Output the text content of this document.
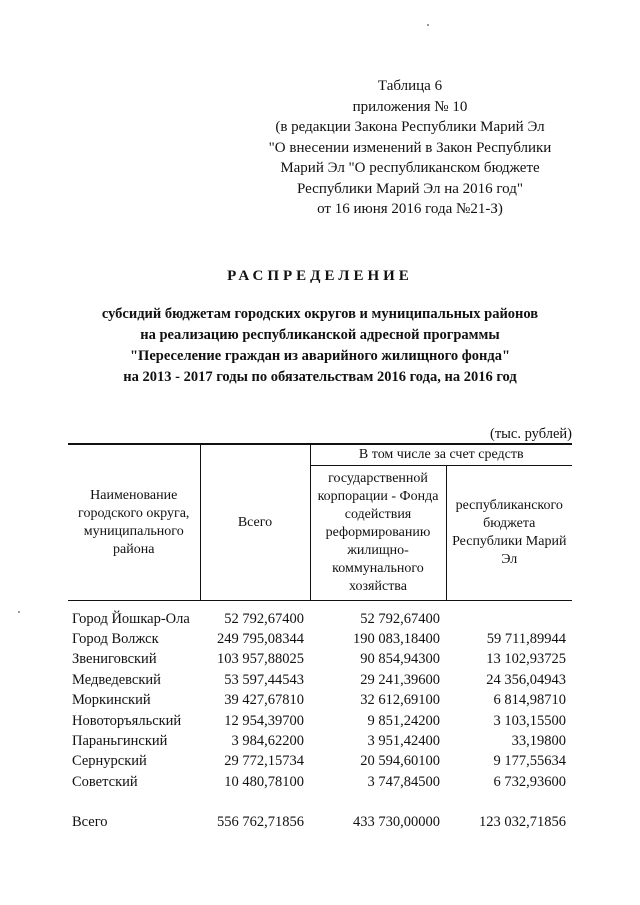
Таблица 6
приложения № 10
(в редакции Закона Республики Марий Эл
"О внесении изменений в Закон Республики
Марий Эл "О республиканском бюджете
Республики Марий Эл на 2016 год"
от 16 июня 2016 года №21-З)
РАСПРЕДЕЛЕНИЕ
субсидий бюджетам городских округов и муниципальных районов
на реализацию республиканской адресной программы
"Переселение граждан из аварийного жилищного фонда"
на 2013 - 2017 годы по обязательствам 2016 года, на 2016 год
(тыс. рублей)
Наименование городского округа, муниципального района	Всего	В том числе за счет средств	
		государственной корпорации - Фонда содействия реформированию жилищно-коммунального хозяйства	республиканского бюджета Республики Марий Эл
Город Йошкар-Ола	52 792,67400	52 792,67400	
Город Волжск	249 795,08344	190 083,18400	59 711,89944
Звениговский	103 957,88025	90 854,94300	13 102,93725
Медведевский	53 597,44543	29 241,39600	24 356,04943
Моркинский	39 427,67810	32 612,69100	6 814,98710
Новоторъяльский	12 954,39700	9 851,24200	3 103,15500
Параньгинский	3 984,62200	3 951,42400	33,19800
Сернурский	29 772,15734	20 594,60100	9 177,55634
Советский	10 480,78100	3 747,84500	6 732,93600
Всего	556 762,71856	433 730,00000	123 032,71856
